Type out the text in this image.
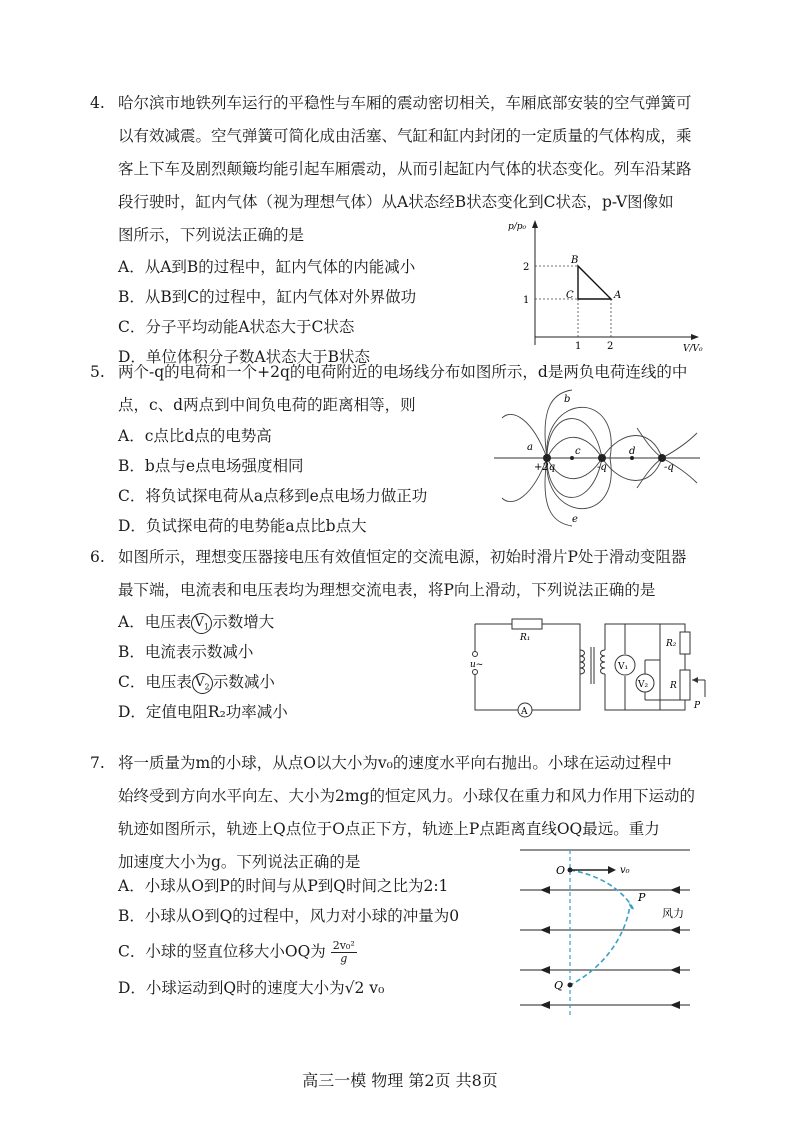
4. 哈尔滨市地铁列车运行的平稳性与车厢的震动密切相关，车厢底部安装的空气弹簧可
以有效减震。空气弹簧可简化成由活塞、气缸和缸内封闭的一定质量的气体构成，乘
客上下车及剧烈颠簸均能引起车厢震动，从而引起缸内气体的状态变化。列车沿某路
段行驶时，缸内气体（视为理想气体）从A状态经B状态变化到C状态，p-V图像如
图所示，下列说法正确的是
A．从A到B的过程中，缸内气体的内能减小
B．从B到C的过程中，缸内气体对外界做功
C．分子平均动能A状态大于C状态
D．单位体积分子数A状态大于B状态
p/p₀
V/V₀
2
1
1	2
A
B
C
5. 两个-q的电荷和一个+2q的电荷附近的电场线分布如图所示，d是两负电荷连线的中
点，c、d两点到中间负电荷的距离相等，则
A．c点比d点的电势高
B．b点与e点电场强度相同
C．将负试探电荷从a点移到e点电场力做正功
D．负试探电荷的电势能a点比b点大
+2q	-q	-q
a
b
c	d
e
6. 如图所示，理想变压器接电压有效值恒定的交流电源，初始时滑片P处于滑动变阻器
最下端，电流表和电压表均为理想交流电表，将P向上滑动，下列说法正确的是
A．电压表 $V_1$ 示数增大
B．电流表示数减小
C．电压表 $V_2$ 示数减小
D．定值电阻R₂功率减小
R₁
u~
A
V₁
V₂
R₂
R
P
7. 将一质量为m的小球，从点O以大小为v₀的速度水平向右抛出。小球在运动过程中
始终受到方向水平向左、大小为2mg的恒定风力。小球仅在重力和风力作用下运动的
轨迹如图所示，轨迹上Q点位于O点正下方，轨迹上P点距离直线OQ最远。重力
加速度大小为g。下列说法正确的是
A．小球从O到P的时间与从P到Q时间之比为2:1
B．小球从O到Q的过程中，风力对小球的冲量为0
C．小球的竖直位移大小OQ为 $\frac{\text{2v₀²}}{g}$
D．小球运动到Q时的速度大小为√2 v₀
O	v₀
P
风力
Q
高三一模 物理 第2页 共8页
